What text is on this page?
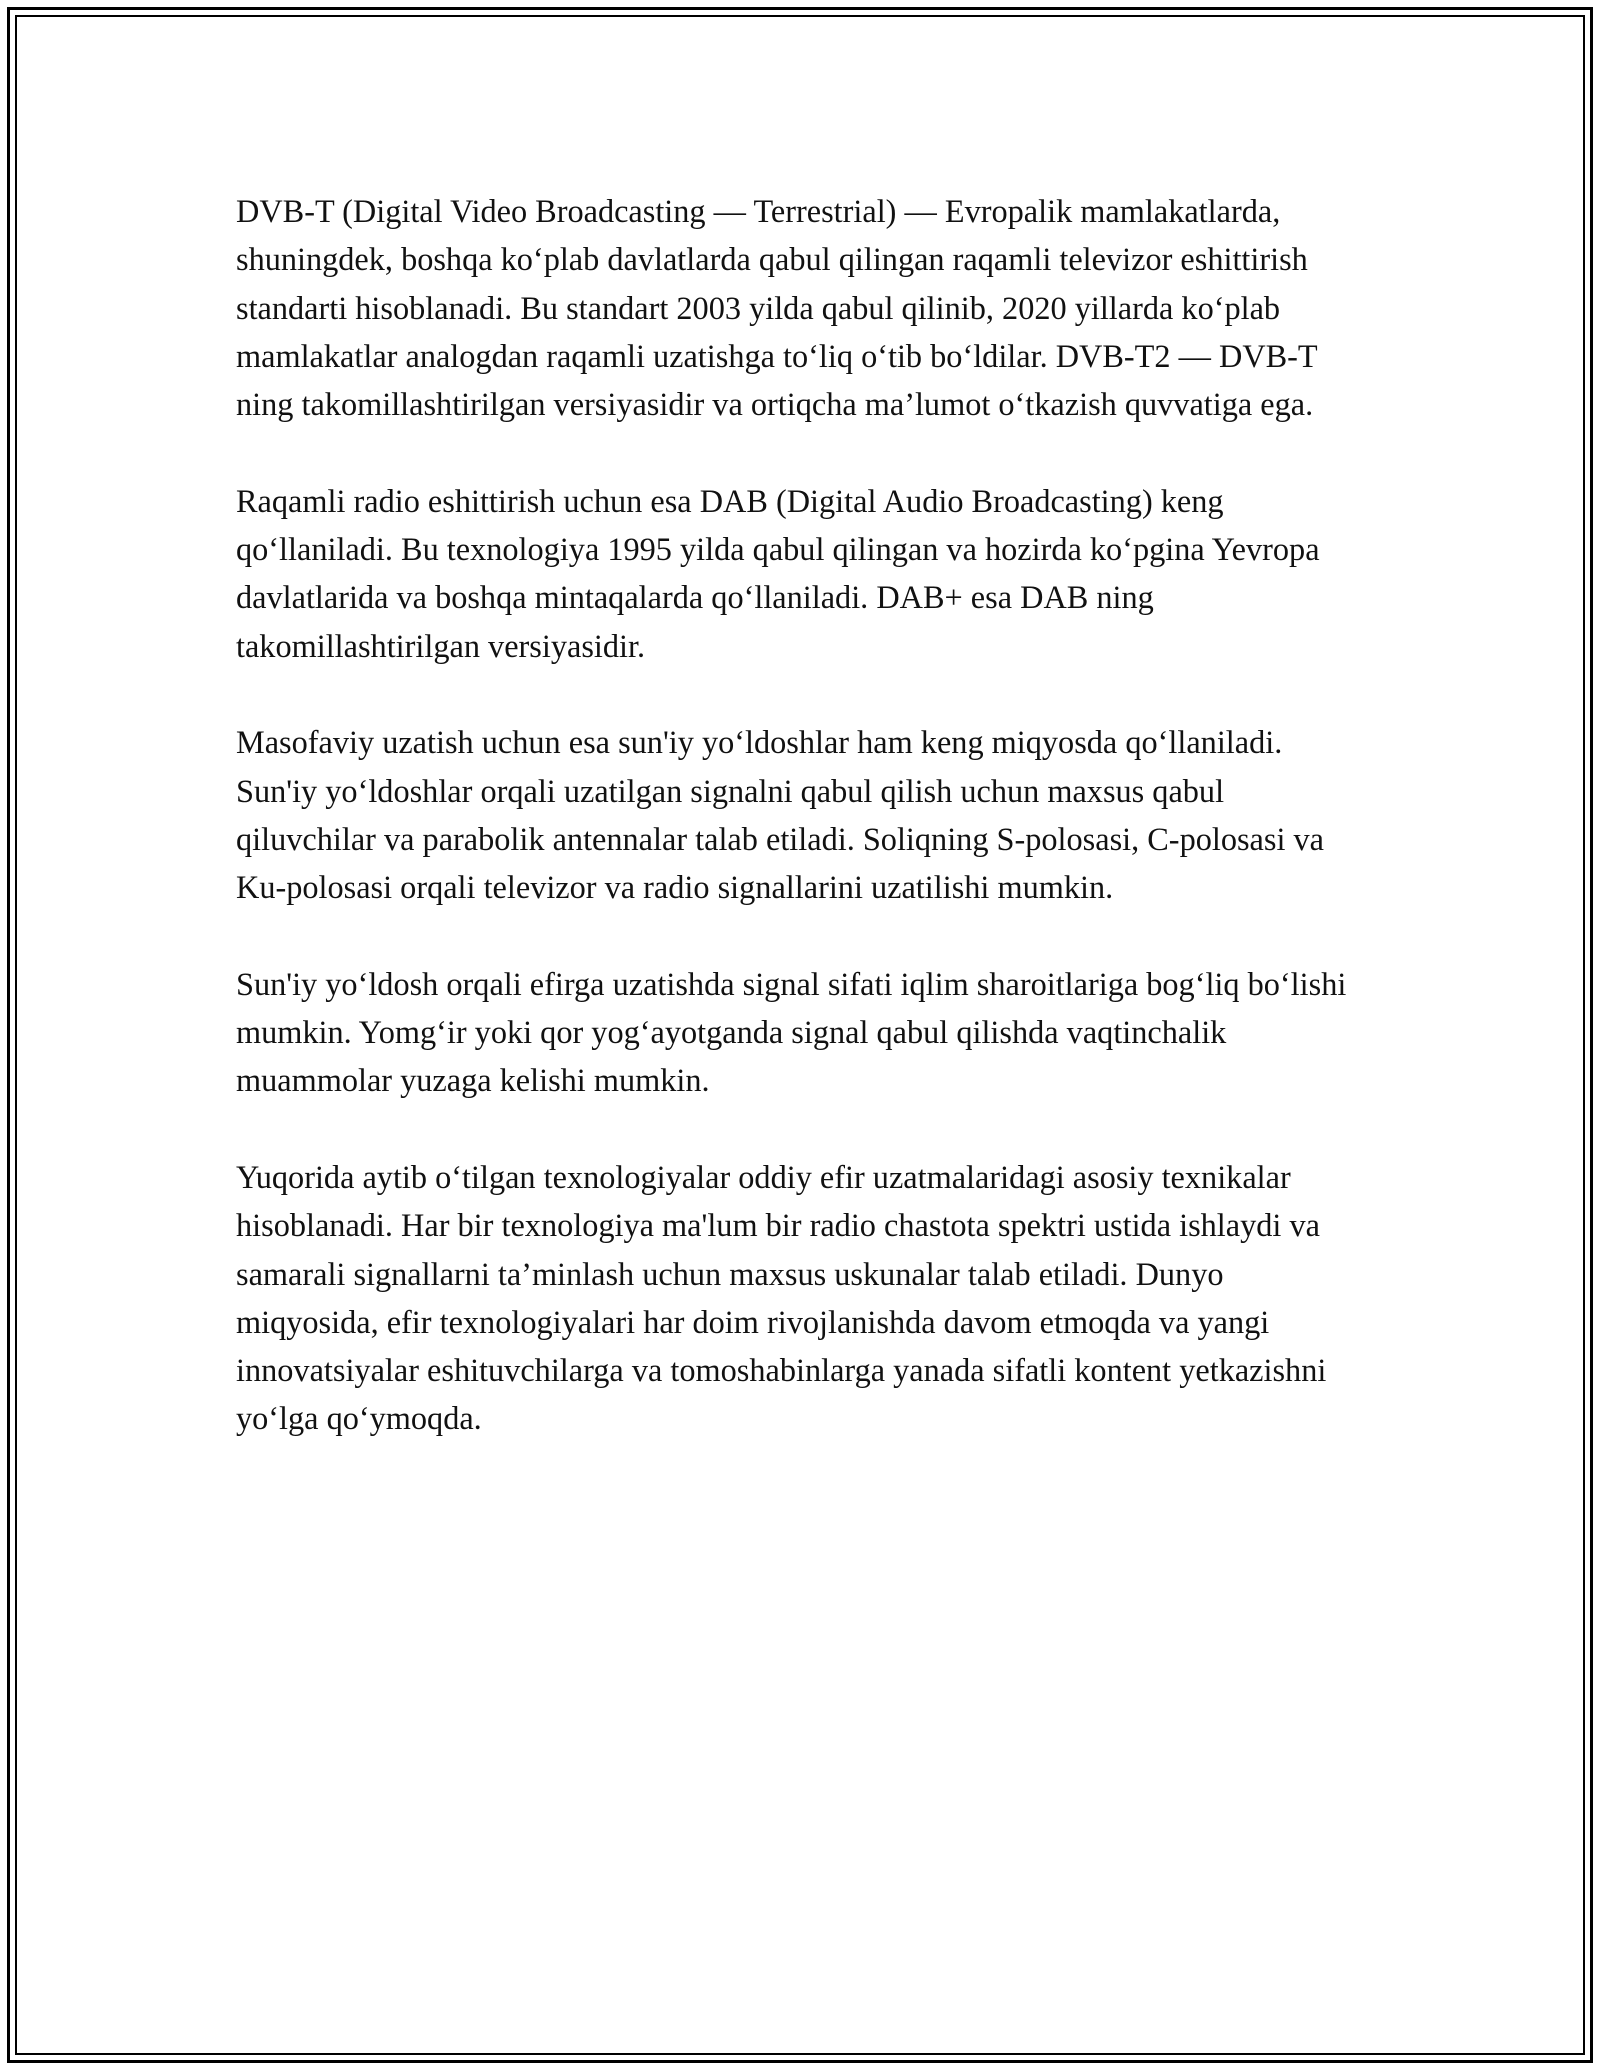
DVB-T (Digital Video Broadcasting — Terrestrial) — Evropalik mamlakatlarda, shuningdek, boshqa ko‘plab davlatlarda qabul qilingan raqamli televizor eshittirish standarti hisoblanadi. Bu standart 2003 yilda qabul qilinib, 2020 yillarda ko‘plab mamlakatlar analogdan raqamli uzatishga to‘liq o‘tib bo‘ldilar. DVB-T2 — DVB-T ning takomillashtirilgan versiyasidir va ortiqcha ma’lumot o‘tkazish quvvatiga ega.

Raqamli radio eshittirish uchun esa DAB (Digital Audio Broadcasting) keng qo‘llaniladi. Bu texnologiya 1995 yilda qabul qilingan va hozirda ko‘pgina Yevropa davlatlarida va boshqa mintaqalarda qo‘llaniladi. DAB+ esa DAB ning takomillashtirilgan versiyasidir.

Masofaviy uzatish uchun esa sun'iy yo‘ldoshlar ham keng miqyosda qo‘llaniladi. Sun'iy yo‘ldoshlar orqali uzatilgan signalni qabul qilish uchun maxsus qabul qiluvchilar va parabolik antennalar talab etiladi. Soliqning S-polosasi, C-polosasi va Ku-polosasi orqali televizor va radio signallarini uzatilishi mumkin.

Sun'iy yo‘ldosh orqali efirga uzatishda signal sifati iqlim sharoitlariga bog‘liq bo‘lishi mumkin. Yomg‘ir yoki qor yog‘ayotganda signal qabul qilishda vaqtinchalik muammolar yuzaga kelishi mumkin.

Yuqorida aytib o‘tilgan texnologiyalar oddiy efir uzatmalaridagi asosiy texnikalar hisoblanadi. Har bir texnologiya ma'lum bir radio chastota spektri ustida ishlaydi va samarali signallarni ta’minlash uchun maxsus uskunalar talab etiladi. Dunyo miqyosida, efir texnologiyalari har doim rivojlanishda davom etmoqda va yangi innovatsiyalar eshituvchilarga va tomoshabinlarga yanada sifatli kontent yetkazishni yo‘lga qo‘ymoqda.
